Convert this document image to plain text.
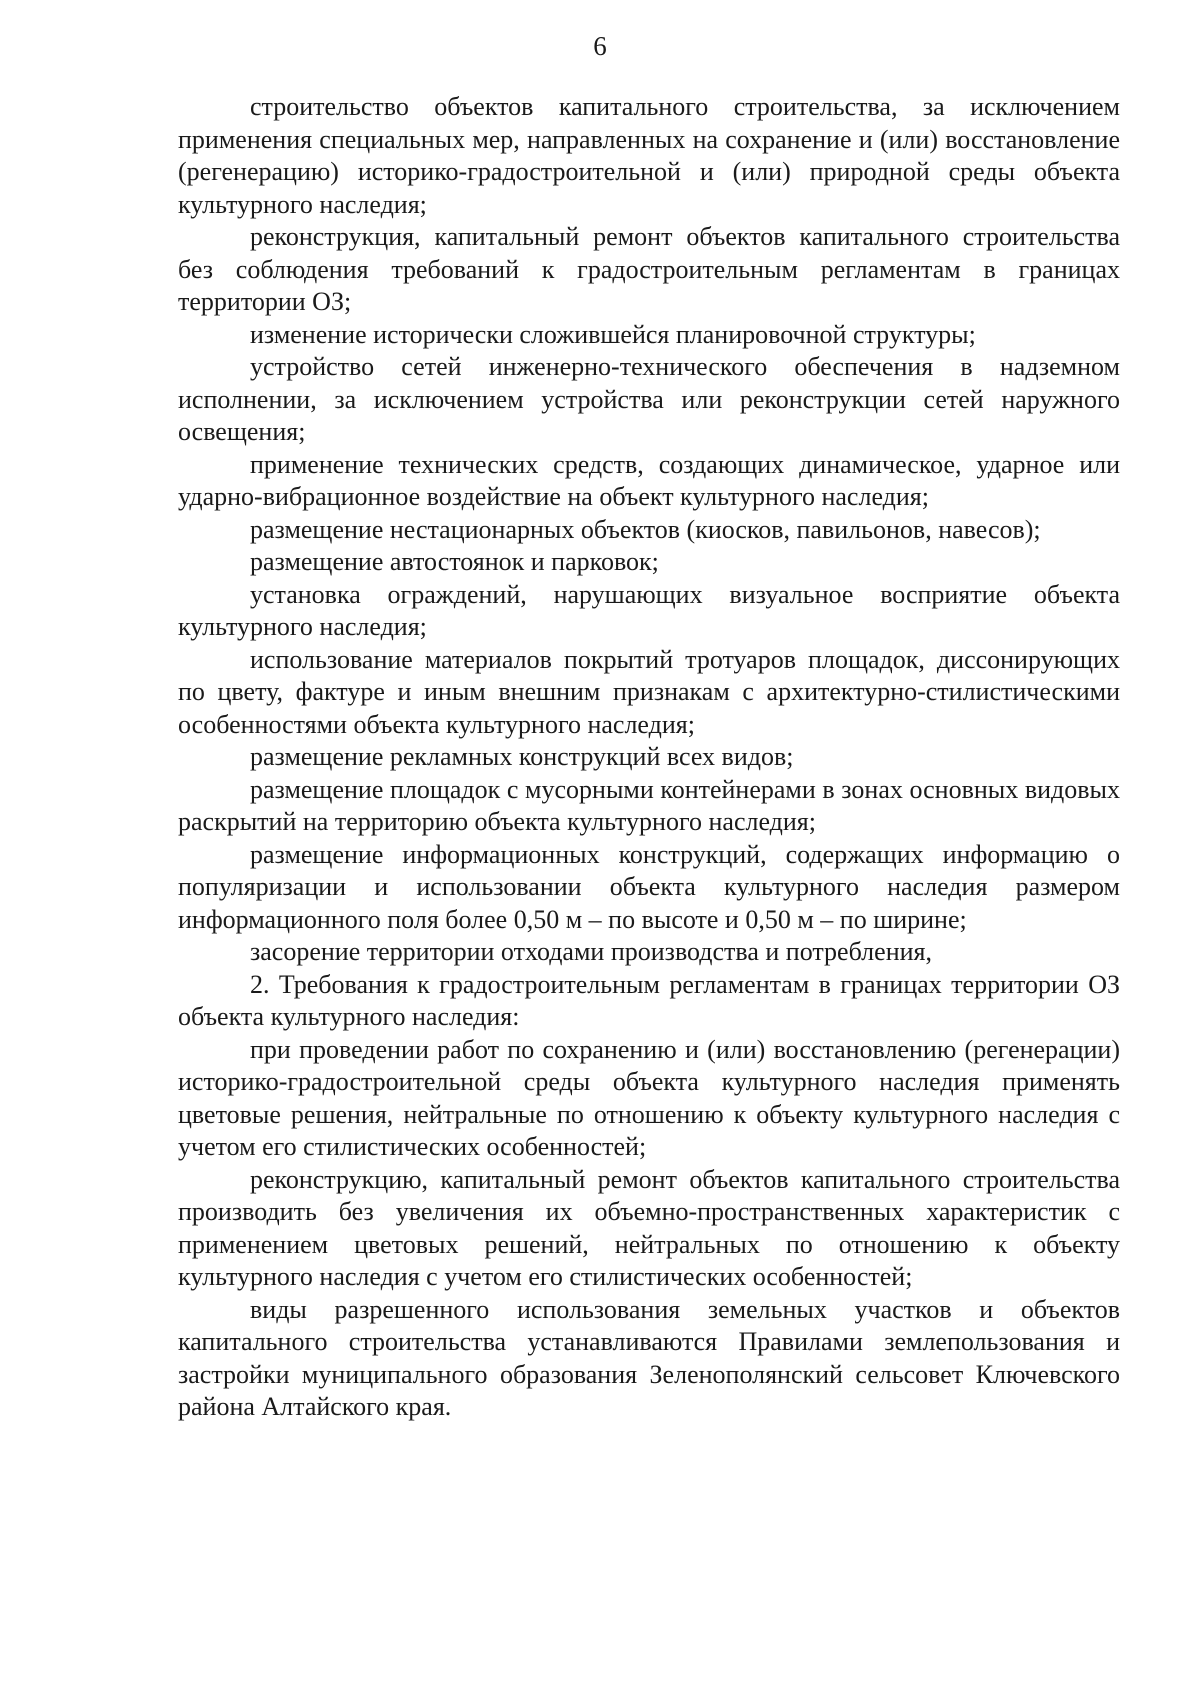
6

строительство объектов капитального строительства, за исключением применения специальных мер, направленных на сохранение и (или) восстановление (регенерацию) историко-градостроительной и (или) природной среды объекта культурного наследия;

реконструкция, капитальный ремонт объектов капитального строительства без соблюдения требований к градостроительным регламентам в границах территории ОЗ;

изменение исторически сложившейся планировочной структуры;

устройство сетей инженерно-технического обеспечения в надземном исполнении, за исключением устройства или реконструкции сетей наружного освещения;

применение технических средств, создающих динамическое, ударное или ударно-вибрационное воздействие на объект культурного наследия;

размещение нестационарных объектов (киосков, павильонов, навесов);

размещение автостоянок и парковок;

установка ограждений, нарушающих визуальное восприятие объекта культурного наследия;

использование материалов покрытий тротуаров площадок, диссонирующих по цвету, фактуре и иным внешним признакам с архитектурно-стилистическими особенностями объекта культурного наследия;

размещение рекламных конструкций всех видов;

размещение площадок с мусорными контейнерами в зонах основных видовых раскрытий на территорию объекта культурного наследия;

размещение информационных конструкций, содержащих информацию о популяризации и использовании объекта культурного наследия размером информационного поля более 0,50 м – по высоте и 0,50 м – по ширине;

засорение территории отходами производства и потребления,

2. Требования к градостроительным регламентам в границах территории ОЗ объекта культурного наследия:

при проведении работ по сохранению и (или) восстановлению (регенерации) историко-градостроительной среды объекта культурного наследия применять цветовые решения, нейтральные по отношению к объекту культурного наследия с учетом его стилистических особенностей;

реконструкцию, капитальный ремонт объектов капитального строительства производить без увеличения их объемно-пространственных характеристик с применением цветовых решений, нейтральных по отношению к объекту культурного наследия с учетом его стилистических особенностей;

виды разрешенного использования земельных участков и объектов капитального строительства устанавливаются Правилами землепользования и застройки муниципального образования Зеленополянский сельсовет Ключевского района Алтайского края.
